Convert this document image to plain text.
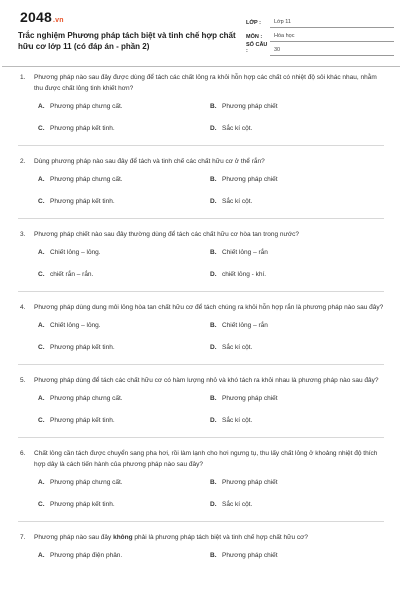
2048.vn
Trắc nghiệm Phương pháp tách biệt và tinh chế hợp chất hữu cơ lớp 11 (có đáp án - phần 2)
LỚP :	Lớp 11
MÔN :	Hóa học
SỐ CÂU :	30
1.	Phương pháp nào sau đây được dùng để tách các chất lỏng ra khỏi hỗn hợp các chất có nhiệt độ sôi khác nhau, nhằm thu được chất lỏng tinh khiết hơn?
A. Phương pháp chưng cất.	B. Phương pháp chiết
C. Phương pháp kết tinh.	D. Sắc kí cột.
2.	Dùng phương pháp nào sau đây để tách và tinh chế các chất hữu cơ ở thể rắn?
A. Phương pháp chưng cất.	B. Phương pháp chiết
C. Phương pháp kết tinh.	D. Sắc kí cột.
3.	Phương pháp chiết nào sau đây thường dùng để tách các chất hữu cơ hòa tan trong nước?
A. Chiết lỏng – lỏng.	B. Chiết lỏng – rắn
C. chiết rắn – rắn.	D. chiết lỏng - khí.
4.	Phương pháp dùng dung môi lỏng hòa tan chất hữu cơ để tách chúng ra khỏi hỗn hợp rắn là phương pháp nào sau đây?
A. Chiết lỏng – lỏng.	B. Chiết lỏng – rắn
C. Phương pháp kết tinh.	D. Sắc kí cột.
5.	Phương pháp dùng để tách các chất hữu cơ có hàm lượng nhỏ và khó tách ra khỏi nhau là phương pháp nào sau đây?
A. Phương pháp chưng cất.	B. Phương pháp chiết
C. Phương pháp kết tinh.	D. Sắc kí cột.
6.	Chất lỏng cần tách được chuyển sang pha hơi, rồi làm lạnh cho hơi ngưng tụ, thu lấy chất lỏng ở khoảng nhiệt độ thích hợp dây là cách tiến hành của phương pháp nào sau đây?
A. Phương pháp chưng cất.	B. Phương pháp chiết
C. Phương pháp kết tinh.	D. Sắc kí cột.
7.	Phương pháp nào sau đây không phải là phương pháp tách biệt và tinh chế hợp chất hữu cơ?
A. Phương pháp điện phân.	B. Phương pháp chiết
